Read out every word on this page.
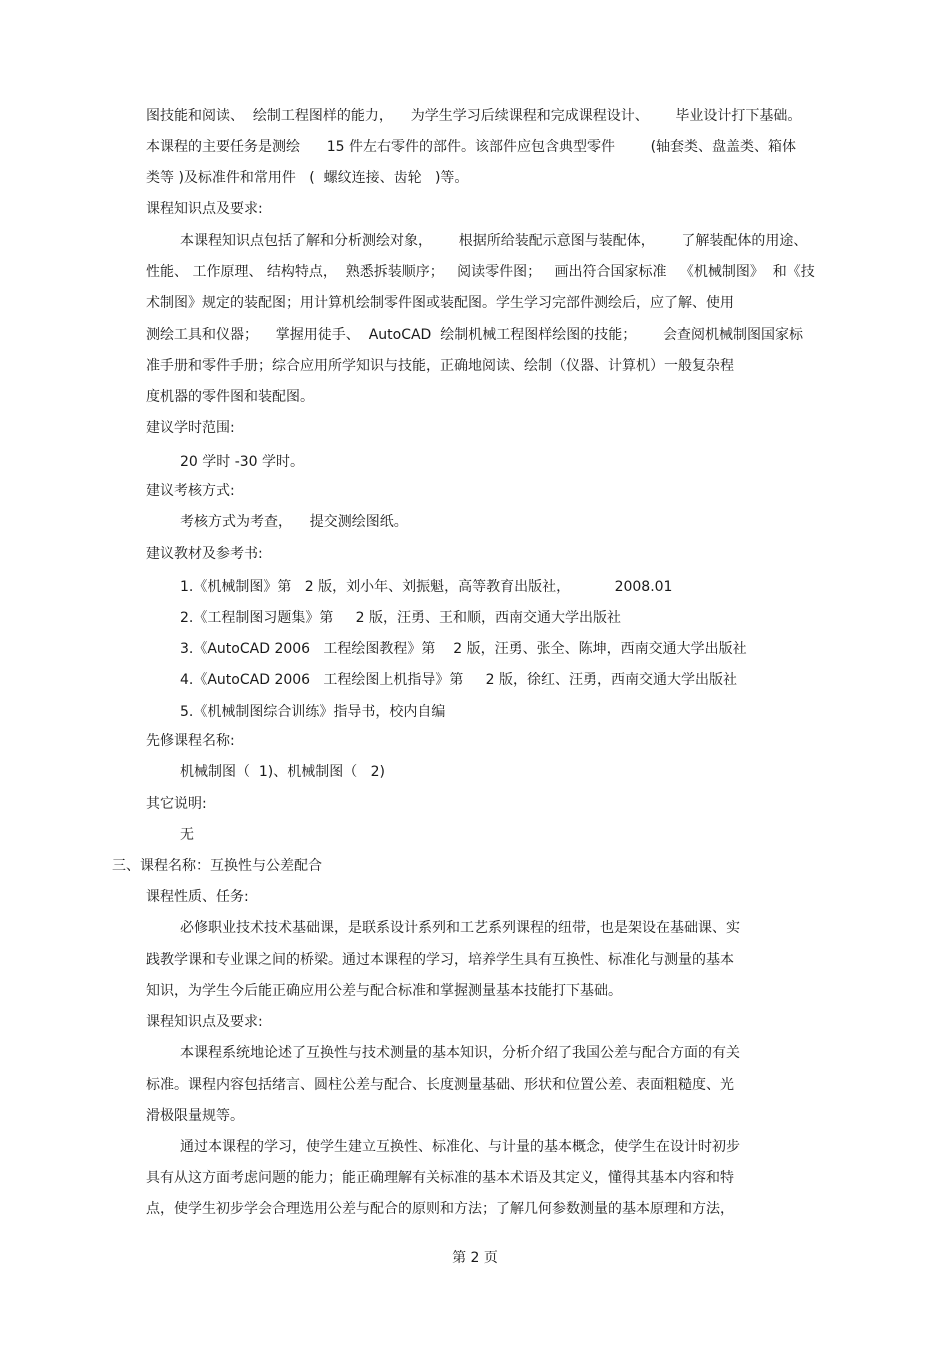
图技能和阅读、  绘制工程图样的能力，    为学生学习后续课程和完成课程设计、      毕业设计打下基础。
本课程的主要任务是测绘      15 件左右零件的部件。该部件应包含典型零件        (轴套类、盘盖类、箱体
类等 )及标准件和常用件   (  螺纹连接、齿轮   )等。
课程知识点及要求:
本课程知识点包括了解和分析测绘对象，      根据所给装配示意图与装配体，      了解装配体的用途、
性能、 工作原理、 结构特点，  熟悉拆装顺序；   阅读零件图；   画出符合国家标准   《机械制图》  和《技
术制图》规定的装配图；用计算机绘制零件图或装配图。学生学习完部件测绘后，应了解、使用
测绘工具和仪器；    掌握用徒手、  AutoCAD  绘制机械工程图样绘图的技能；      会查阅机械制图国家标
准手册和零件手册；综合应用所学知识与技能，正确地阅读、绘制（仪器、计算机）一般复杂程
度机器的零件图和装配图。
建议学时范围:
20 学时 -30 学时。
建议考核方式:
考核方式为考查，    提交测绘图纸。
建议教材及参考书:
1.《机械制图》第   2 版，刘小年、刘振魁，高等教育出版社，          2008.01
2.《工程制图习题集》第     2 版，汪勇、王和顺，西南交通大学出版社
3.《AutoCAD 2006   工程绘图教程》第    2 版，汪勇、张全、陈坤，西南交通大学出版社
4.《AutoCAD 2006   工程绘图上机指导》第     2 版，徐红、汪勇，西南交通大学出版社
5.《机械制图综合训练》指导书，校内自编
先修课程名称:
机械制图（  1)、机械制图（   2)
其它说明:
无
三、课程名称：互换性与公差配合
课程性质、任务:
必修职业技术技术基础课，是联系设计系列和工艺系列课程的纽带，也是架设在基础课、实
践教学课和专业课之间的桥梁。通过本课程的学习，培养学生具有互换性、标准化与测量的基本
知识，为学生今后能正确应用公差与配合标准和掌握测量基本技能打下基础。
课程知识点及要求:
本课程系统地论述了互换性与技术测量的基本知识，分析介绍了我国公差与配合方面的有关
标准。课程内容包括绪言、圆柱公差与配合、长度测量基础、形状和位置公差、表面粗糙度、光
滑极限量规等。
通过本课程的学习，使学生建立互换性、标准化、与计量的基本概念，使学生在设计时初步
具有从这方面考虑问题的能力；能正确理解有关标准的基本术语及其定义，懂得其基本内容和特
点，使学生初步学会合理选用公差与配合的原则和方法；了解几何参数测量的基本原理和方法，
第 2 页
